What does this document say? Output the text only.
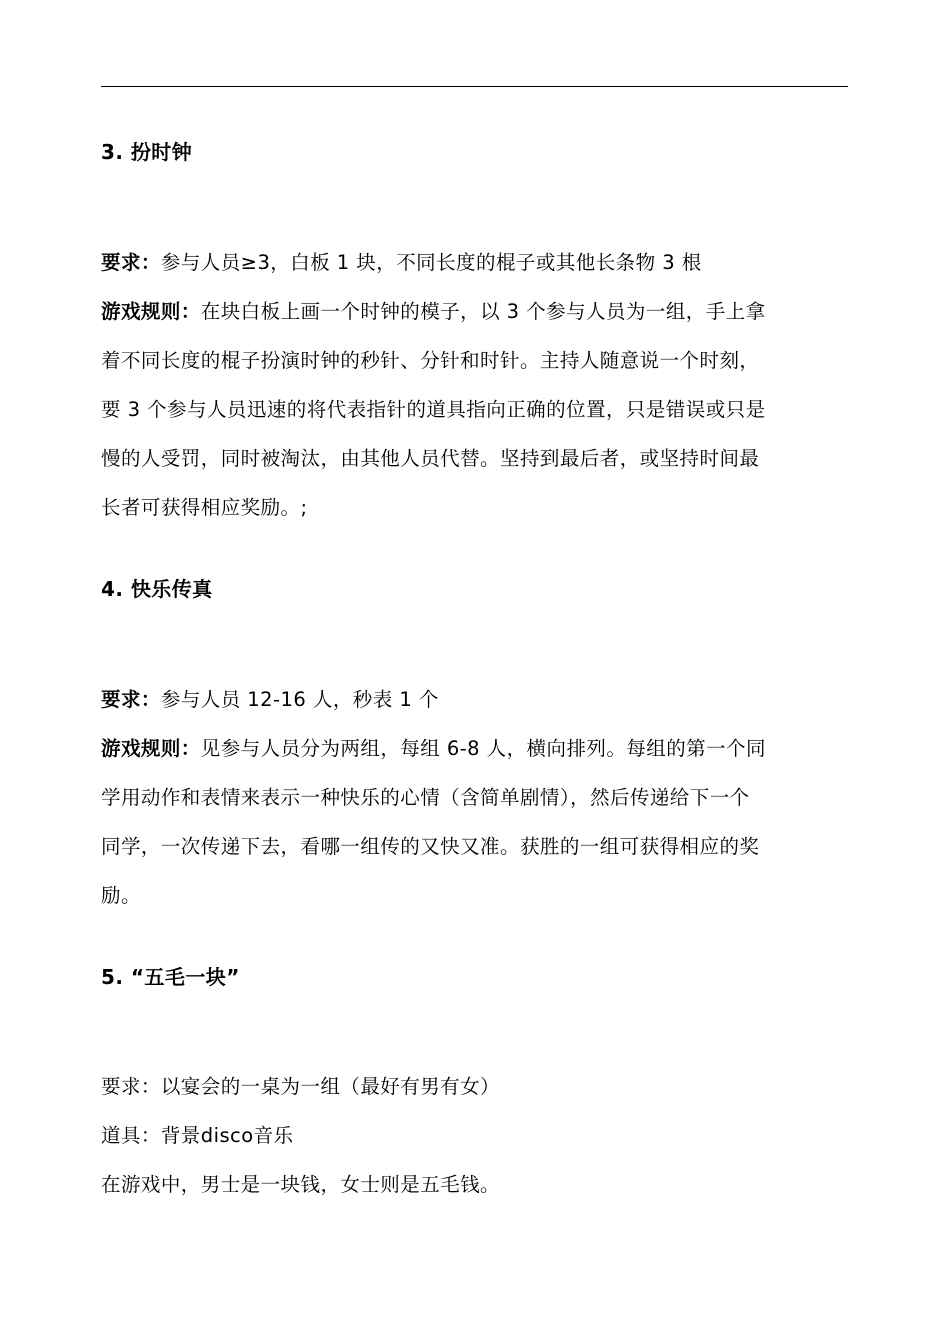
3. 扮时钟
要求：参与人员≥3，白板 1 块，不同长度的棍子或其他长条物 3 根
游戏规则：在块白板上画一个时钟的模子，以 3 个参与人员为一组，手上拿
着不同长度的棍子扮演时钟的秒针、分针和时针。主持人随意说一个时刻，
要 3 个参与人员迅速的将代表指针的道具指向正确的位置，只是错误或只是
慢的人受罚，同时被淘汰，由其他人员代替。坚持到最后者，或坚持时间最
长者可获得相应奖励。;
4. 快乐传真
要求：参与人员 12-16 人，秒表 1 个
游戏规则：见参与人员分为两组，每组 6-8 人，横向排列。每组的第一个同
学用动作和表情来表示一种快乐的心情（含简单剧情），然后传递给下一个
同学，一次传递下去，看哪一组传的又快又准。获胜的一组可获得相应的奖
励。
5. “五毛一块”
要求：以宴会的一桌为一组（最好有男有女）
道具：背景disco音乐
在游戏中，男士是一块钱，女士则是五毛钱。
